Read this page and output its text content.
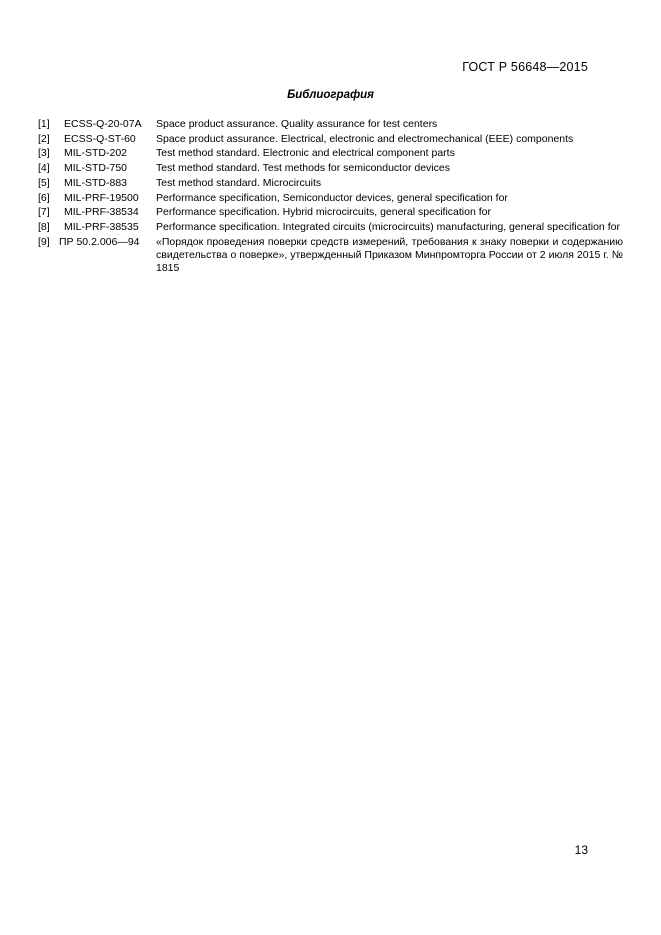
ГОСТ Р 56648—2015
Библиография
[1]	ECSS-Q-20-07A	Space product assurance. Quality assurance for test centers
[2]	ECSS-Q-ST-60	Space product assurance. Electrical, electronic and electromechanical (EEE) components
[3]	MIL-STD-202	Test method standard. Electronic and electrical component parts
[4]	MIL-STD-750	Test method standard. Test methods for semiconductor devices
[5]	MIL-STD-883	Test method standard. Microcircuits
[6]	MIL-PRF-19500	Performance specification, Semiconductor devices, general specification for
[7]	MIL-PRF-38534	Performance specification. Hybrid microcircuits, general specification for
[8]	MIL-PRF-38535	Performance specification. Integrated circuits (microcircuits) manufacturing, general specification for
[9] ПР 50.2.006—94	«Порядок проведения поверки средств измерений, требования к знаку поверки и содержанию свидетельства о поверке», утвержденный Приказом Минпромторга России от 2 июля 2015 г. № 1815
13
